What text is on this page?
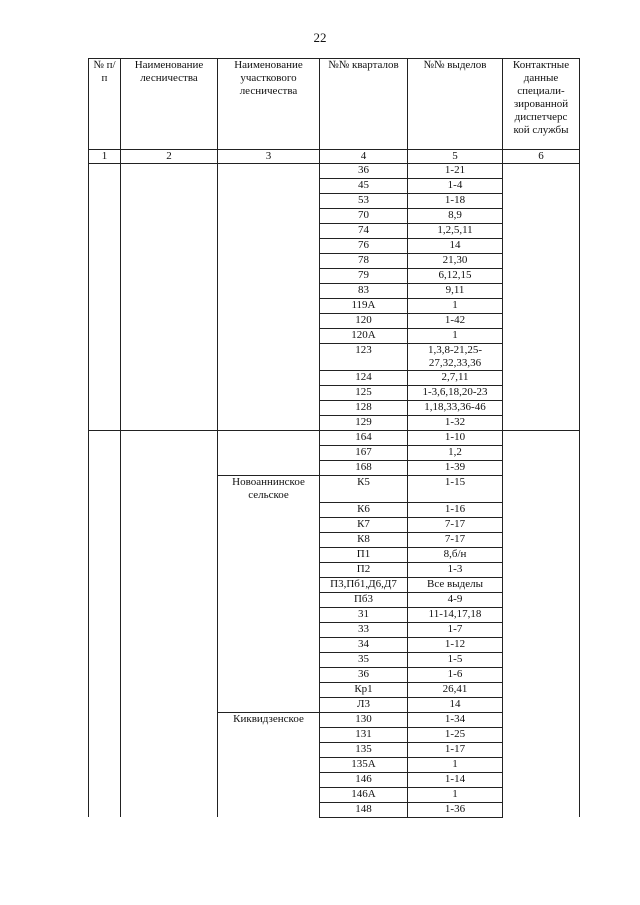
22
№ п/п	Наименование лесничества	Наименование участкового лесничества	№№ кварталов	№№ выделов	Контактные данные специали-зированной диспетчерс кой службы
1	2	3	4	5	6
			36	1-21	
			45	1-4	
			53	1-18	
			70	8,9	
			74	1,2,5,11	
			76	14	
			78	21,30	
			79	6,12,15	
			83	9,11	
			119А	1	
			120	1-42	
			120А	1	
			123	1,3,8-21,25-27,32,33,36	
			124	2,7,11	
			125	1-3,6,18,20-23	
			128	1,18,33,36-46	
			129	1-32	
			164	1-10	
			167	1,2	
			168	1-39	
		Новоаннинское сельское	К5	1-15	
			К6	1-16	
			К7	7-17	
			К8	7-17	
			П1	8,б/н	
			П2	1-3	
			П3,Пб1,Д6,Д7	Все выделы	
			Пб3	4-9	
			31	11-14,17,18	
			33	1-7	
			34	1-12	
			35	1-5	
			36	1-6	
			Кр1	26,41	
			Л3	14	
		Киквидзенское	130	1-34	
			131	1-25	
			135	1-17	
			135А	1	
			146	1-14	
			146А	1	
			148	1-36	
